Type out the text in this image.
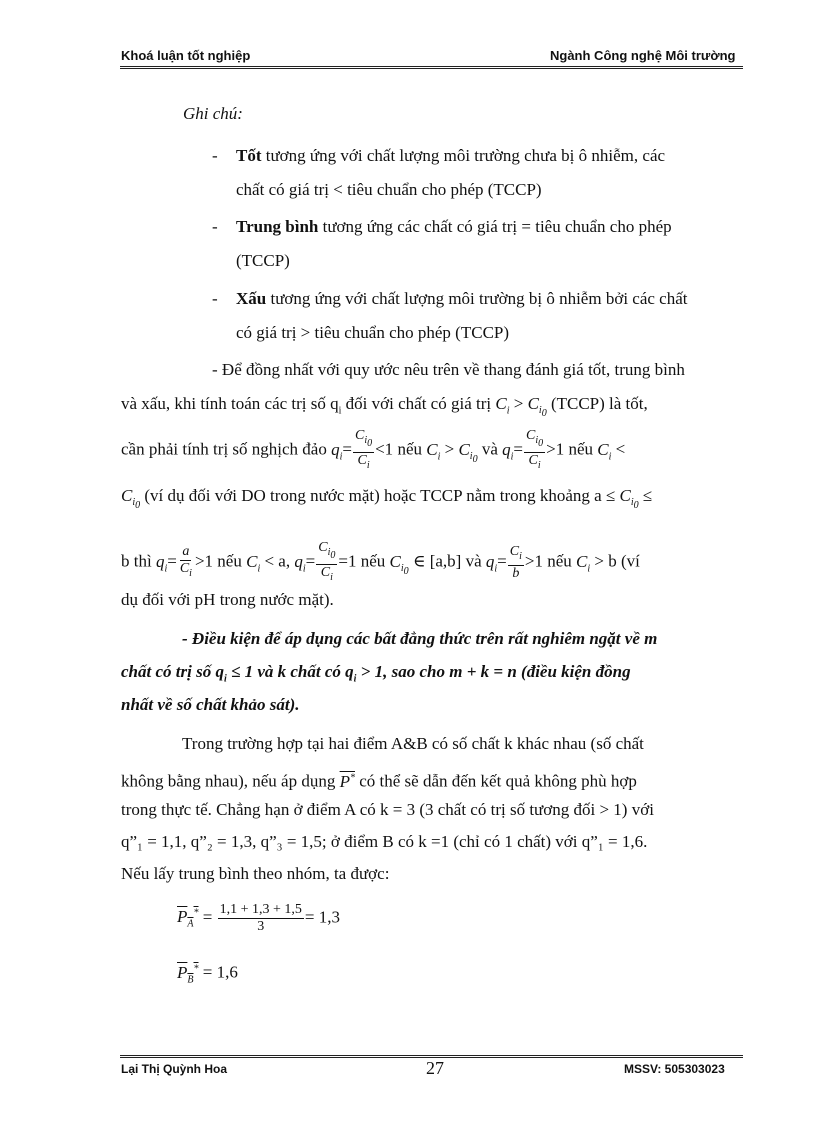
Khoá luận tốt nghiệp	Ngành Công nghệ Môi trường
Ghi chú:
- Tốt tương ứng với chất lượng môi trường chưa bị ô nhiễm, các
chất có giá trị < tiêu chuẩn cho phép (TCCP)
- Trung bình tương ứng các chất có giá trị = tiêu chuẩn cho phép
(TCCP)
- Xấu tương ứng với chất lượng môi trường bị ô nhiễm bởi các chất
có giá trị > tiêu chuẩn cho phép (TCCP)
- Để đồng nhất với quy ước nêu trên về thang đánh giá tốt, trung bình
và xấu, khi tính toán các trị số $q_i$ đối với chất có giá trị $C_i > C_{i_0}$ (TCCP) là tốt,
cần phải tính trị số nghịch đảo $q_i= \frac{C_{i_0}}{C_i} <1$ nếu $C_i > C_{i_0}$ và $q_i= \frac{C_{i_0}}{C_i} >1$ nếu $C_i$ <
$C_{i_0}$ (ví dụ đối với DO trong nước mặt) hoặc TCCP nằm trong khoảng $a \le C_{i_0}$ ≤
b thì $q_i= \frac{a}{C_i} >1$ nếu $C_i < a$, $q_i= \frac{C_{i_0}}{C_i} =1$ nếu $C_{i_0}$ ∈ [a,b] và $q_i= \frac{C_i}{b} >1$ nếu $C_i > b$ (ví
dụ đối với pH trong nước mặt).
- Điều kiện để áp dụng các bất đẳng thức trên rất nghiêm ngặt về m
chất có trị số $q_i \le 1$ và k chất có $q_i > 1$, sao cho m + k = n (điều kiện đồng
nhất về số chất khảo sát).
Trong trường hợp tại hai điểm A&B có số chất k khác nhau (số chất
không bằng nhau), nếu áp dụng P* có thể sẽ dẫn đến kết quả không phù hợp
trong thực tế. Chẳng hạn ở điểm A có k = 3 (3 chất có trị số tương đối > 1) với
q”₁ = 1,1, q”₂ = 1,3, q”₃ = 1,5; ở điểm B có k =1 (chỉ có 1 chất) với q”₁ = 1,6.
Nếu lấy trung bình theo nhóm, ta được:
$P_A^* = \frac{1,1 + 1,3 + 1,5}{3} = 1,3$
$P_B^* = 1,6$
Lại Thị Quỳnh Hoa	27	MSSV: 505303023
